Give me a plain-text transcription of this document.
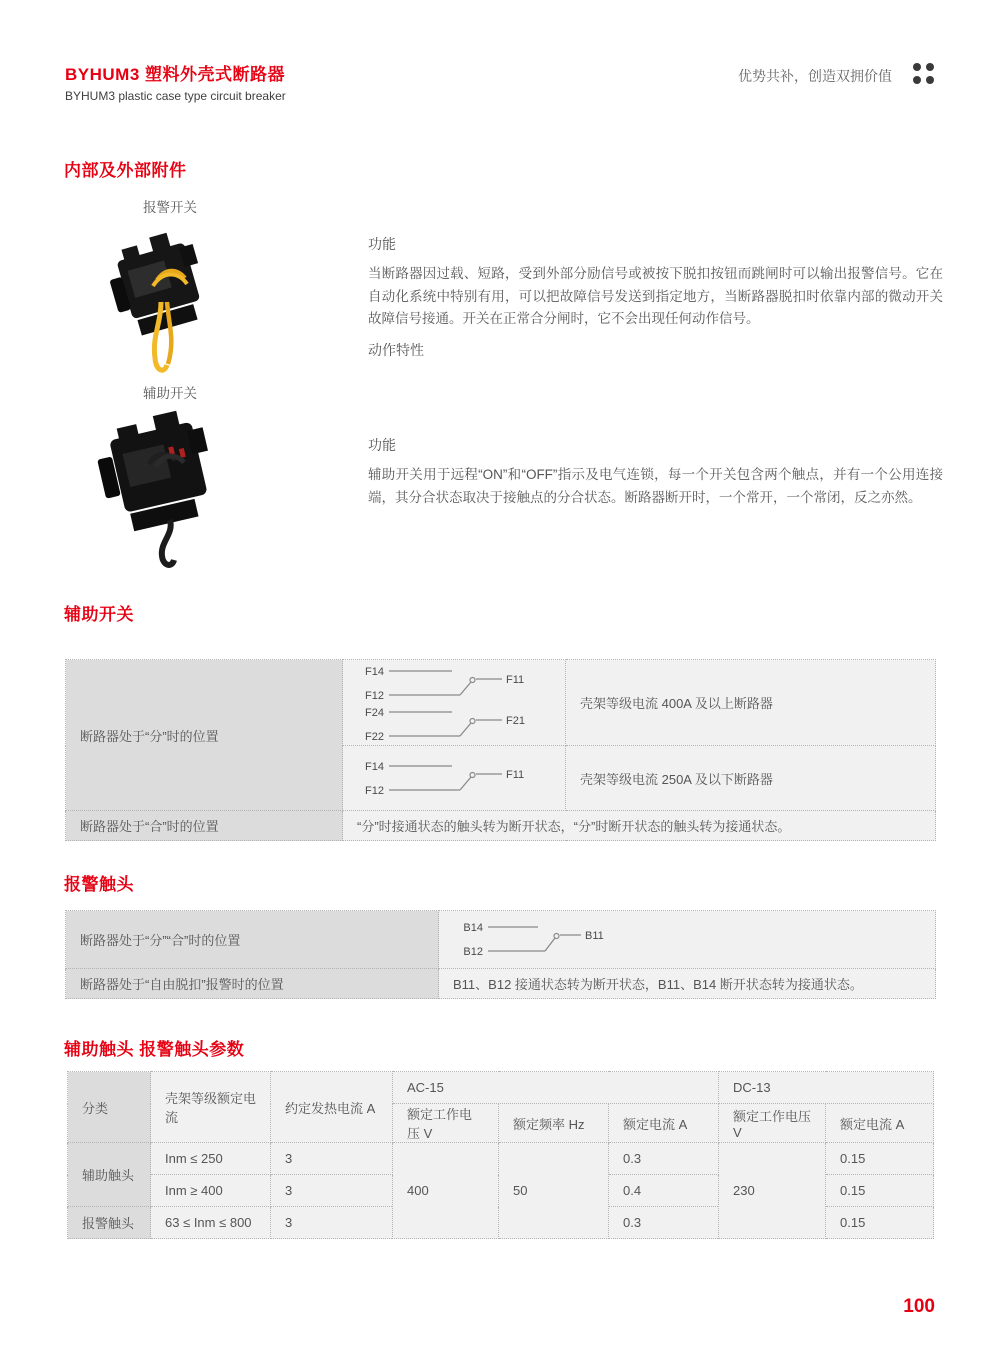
BYHUM3 塑料外壳式断路器
BYHUM3 plastic case type circuit breaker
优势共补，创造双拥价值
内部及外部附件
报警开关
功能
当断路器因过载、短路，受到外部分励信号或被按下脱扣按钮而跳闸时可以输出报警信号。它在自动化系统中特别有用，可以把故障信号发送到指定地方，当断路器脱扣时依靠内部的微动开关故障信号接通。开关在正常合分闸时，它不会出现任何动作信号。
动作特性
辅助开关
功能
辅助开关用于远程“ON”和“OFF”指示及电气连锁，每一个开关包含两个触点，并有一个公用连接端，其分合状态取决于接触点的分合状态。断路器断开时，一个常开，一个常闭，反之亦然。
辅助开关
断路器处于“分”时的位置	
F14
F12
F11
F24
F22
F21
	壳架等级电流 400A 及以上断路器

F14
F12
F11	壳架等级电流 250A 及以下断路器
断路器处于“合”时的位置	“分”时接通状态的触头转为断开状态，“分”时断开状态的触头转为接通状态。	
报警触头
断路器处于“分”“合”时的位置	B14
B12
B11

断路器处于“自由脱扣”报警时的位置	B11、B12 接通状态转为断开状态，B11、B14 断开状态转为接通状态。
辅助触头 报警触头参数
分类	壳架等级额定电流	约定发热电流 A	AC-15			DC-13	
			额定工作电压 V	额定频率 Hz	额定电流 A	额定工作电压 V	额定电流 A
辅助触头	Inm ≤ 250	3	400	50	0.3	230	0.15
	Inm ≥ 400	3			0.4		0.15
报警触头	63 ≤ Inm ≤ 800	3			0.3		0.15
100
